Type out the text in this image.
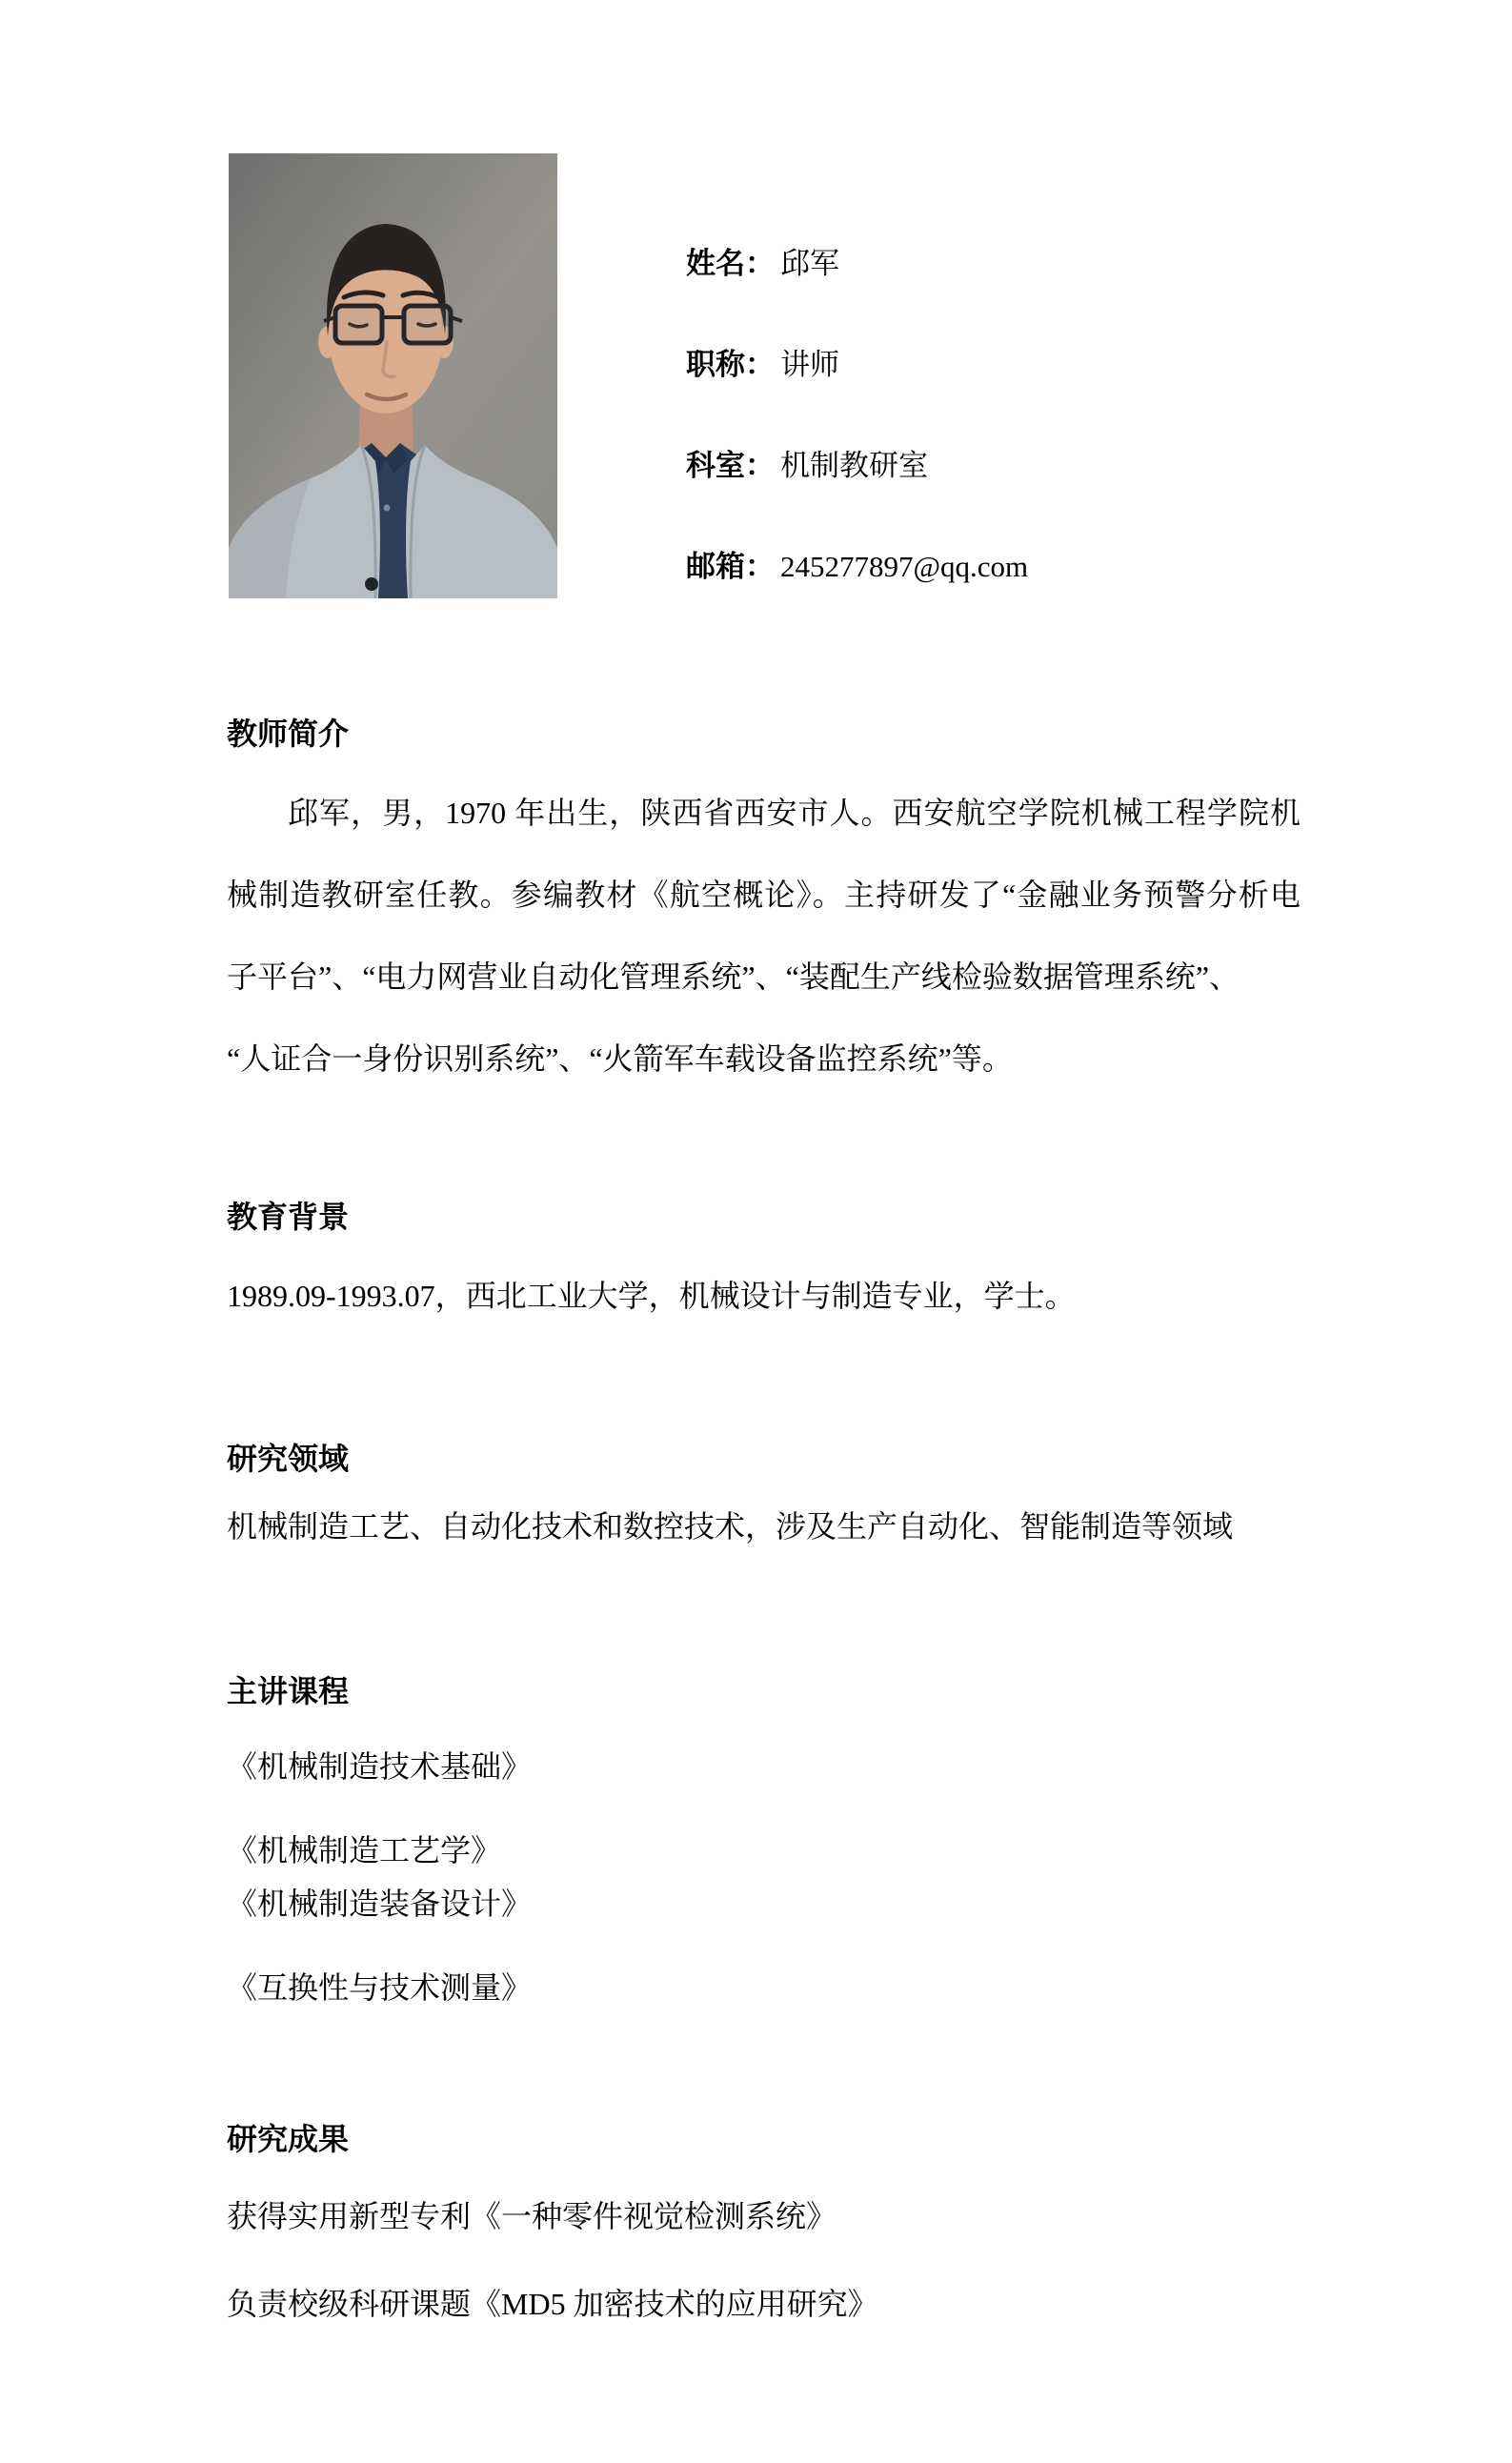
姓名： 邱军
职称： 讲师
科室： 机制教研室
邮箱： 245277897@qq.com
教师简介
邱军，男，1970 年出生，陕西省西安市人。西安航空学院机械工程学院机
械制造教研室任教。参编教材《航空概论》。主持研发了“金融业务预警分析电
子平台”、“电力网营业自动化管理系统”、“装配生产线检验数据管理系统”、
“人证合一身份识别系统”、“火箭军车载设备监控系统”等。
教育背景
1989.09-1993.07，西北工业大学，机械设计与制造专业，学士。
研究领域
机械制造工艺、自动化技术和数控技术，涉及生产自动化、智能制造等领域
主讲课程
《机械制造技术基础》
《机械制造工艺学》
《机械制造装备设计》
《互换性与技术测量》
研究成果
获得实用新型专利《一种零件视觉检测系统》
负责校级科研课题《MD5 加密技术的应用研究》
